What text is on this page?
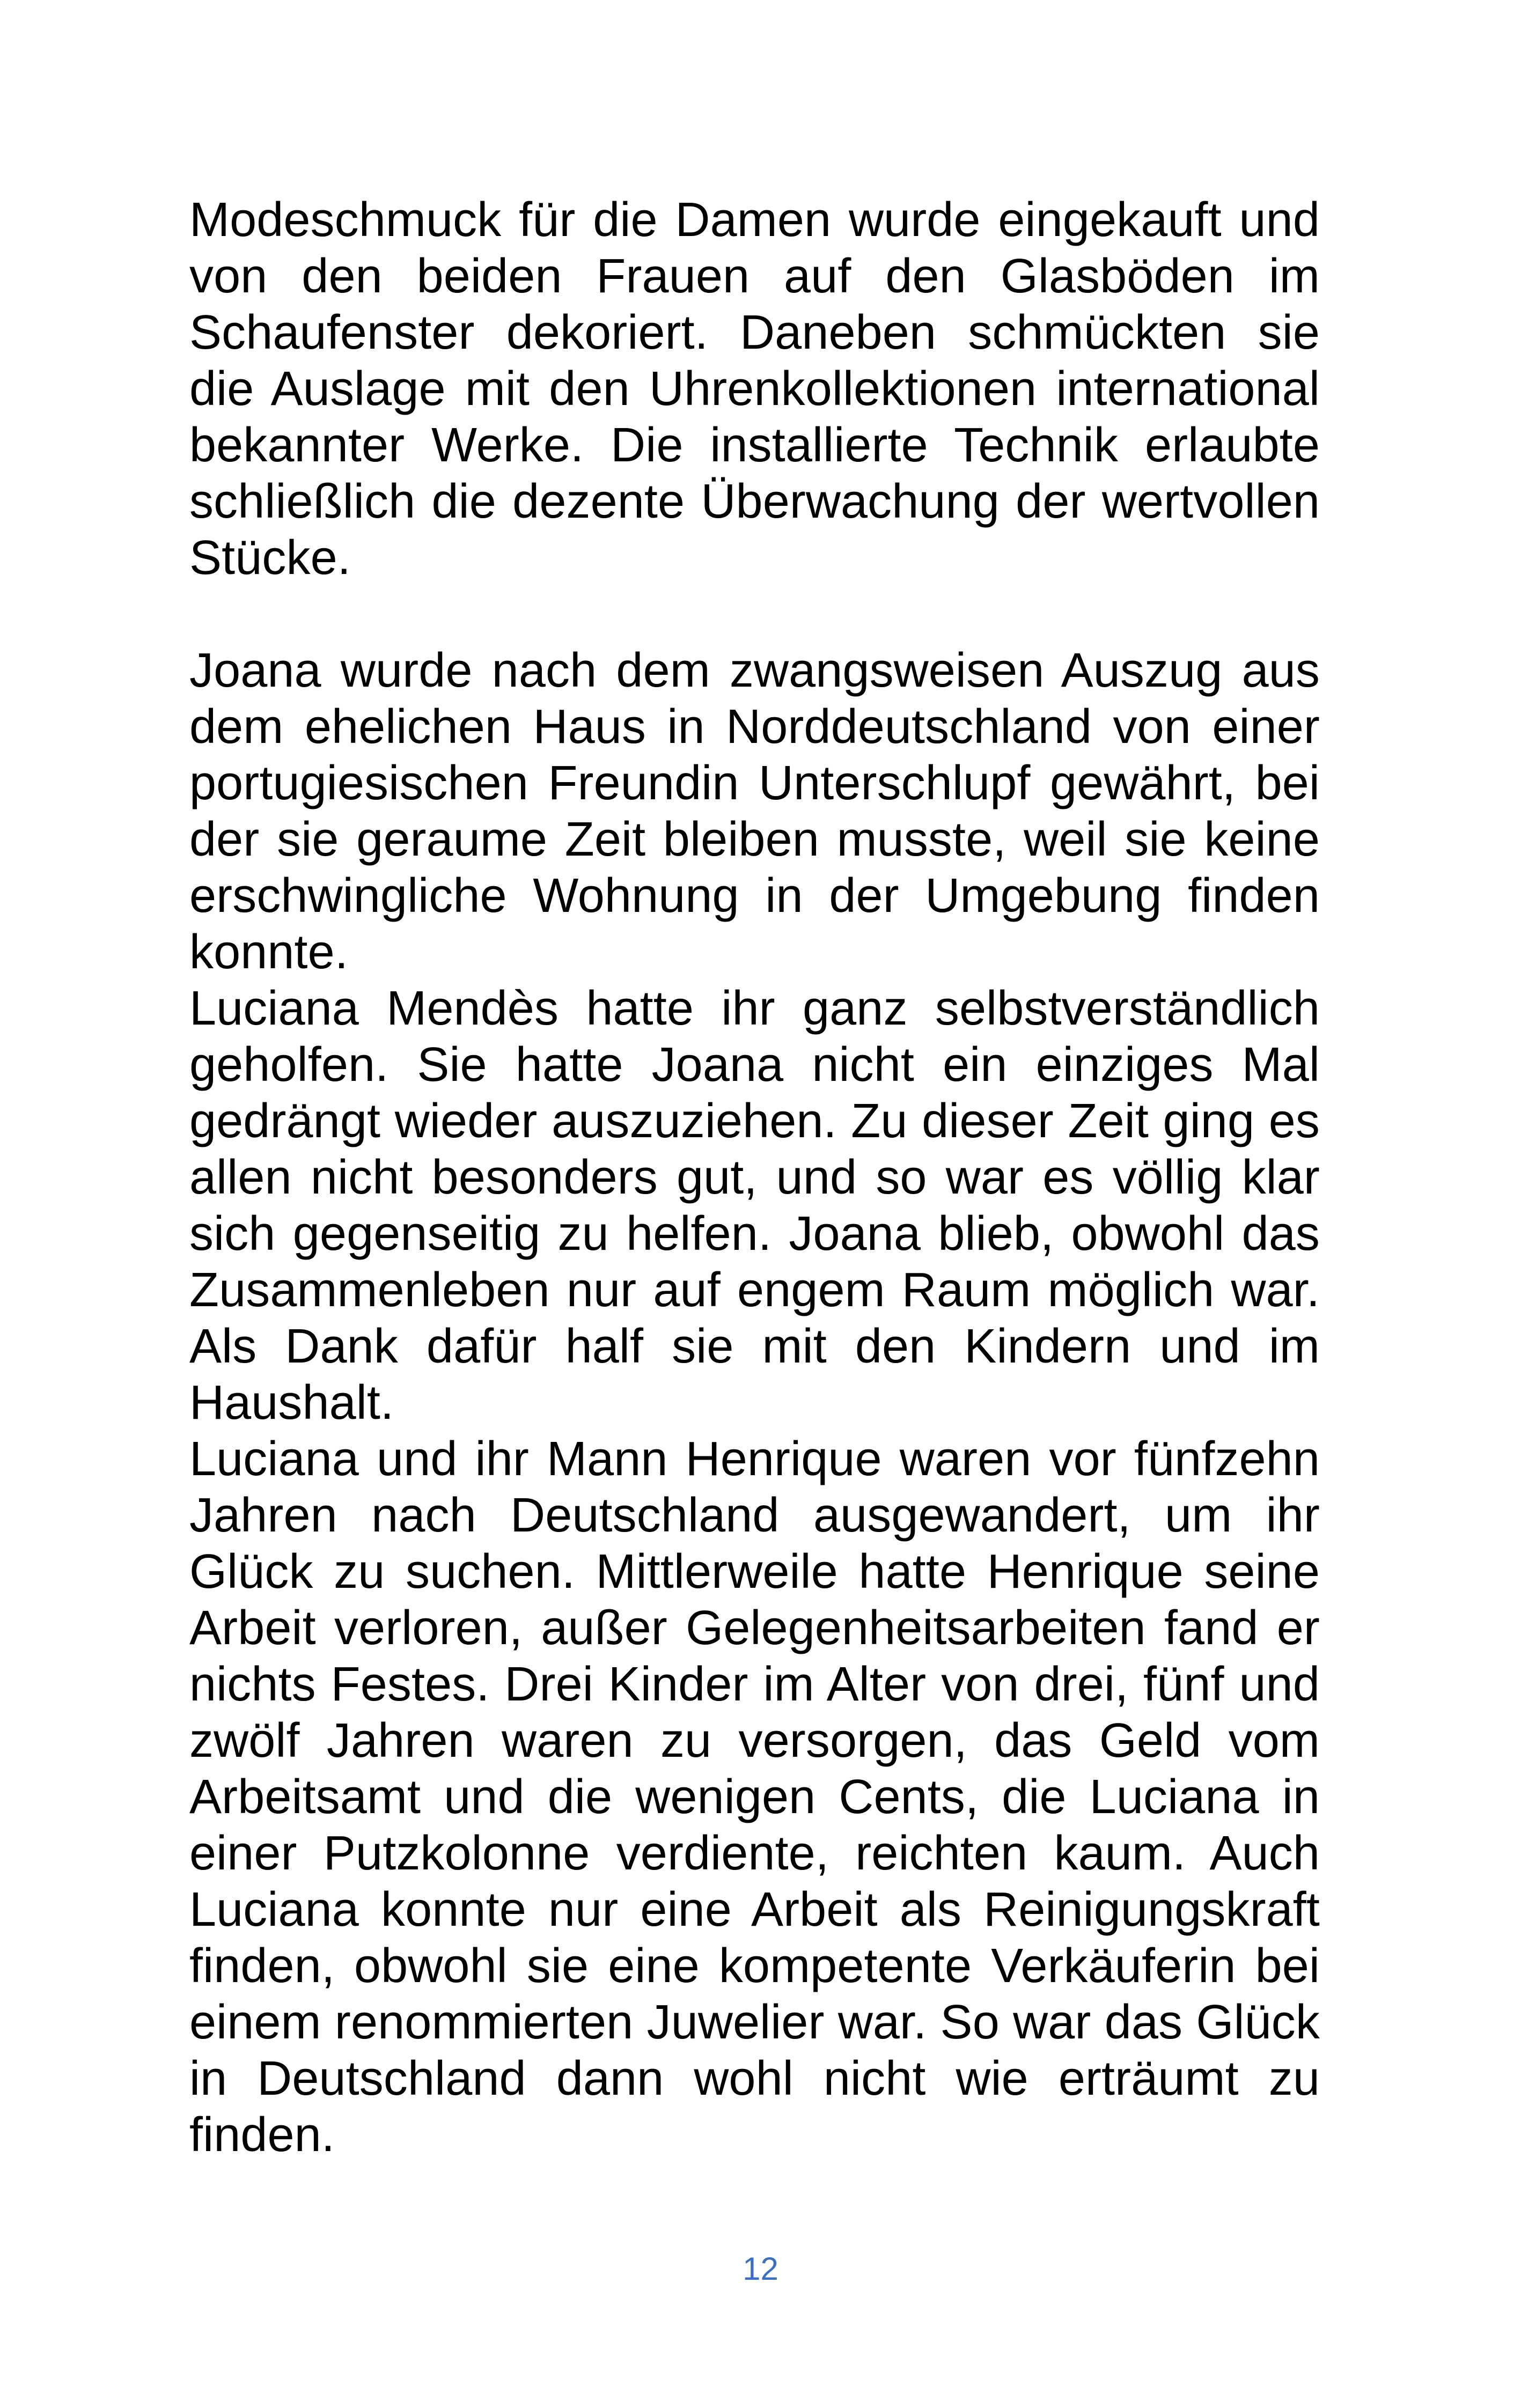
Modeschmuck für die Damen wurde eingekauft und von den beiden Frauen auf den Glasböden im Schaufenster dekoriert. Daneben schmückten sie die Auslage mit den Uhrenkollektionen international bekannter Werke. Die installierte Technik erlaubte schließlich die dezente Überwachung der wertvollen Stücke.

Joana wurde nach dem zwangsweisen Auszug aus dem ehelichen Haus in Norddeutschland von einer portugiesischen Freundin Unterschlupf gewährt, bei der sie geraume Zeit bleiben musste, weil sie keine erschwingliche Wohnung in der Umgebung finden konnte.

Luciana Mendès hatte ihr ganz selbstverständlich geholfen. Sie hatte Joana nicht ein einziges Mal gedrängt wieder auszuziehen. Zu dieser Zeit ging es allen nicht besonders gut, und so war es völlig klar sich gegenseitig zu helfen. Joana blieb, obwohl das Zusammenleben nur auf engem Raum möglich war. Als Dank dafür half sie mit den Kindern und im Haushalt.

Luciana und ihr Mann Henrique waren vor fünfzehn Jahren nach Deutschland ausgewandert, um ihr Glück zu suchen. Mittlerweile hatte Henrique seine Arbeit verloren, außer Gelegenheitsarbeiten fand er nichts Festes. Drei Kinder im Alter von drei, fünf und zwölf Jahren waren zu versorgen, das Geld vom Arbeitsamt und die wenigen Cents, die Luciana in einer Putzkolonne verdiente, reichten kaum. Auch Luciana konnte nur eine Arbeit als Reinigungskraft finden, obwohl sie eine kompetente Verkäuferin bei einem renommierten Juwelier war. So war das Glück in Deutschland dann wohl nicht wie erträumt zu finden.

12
